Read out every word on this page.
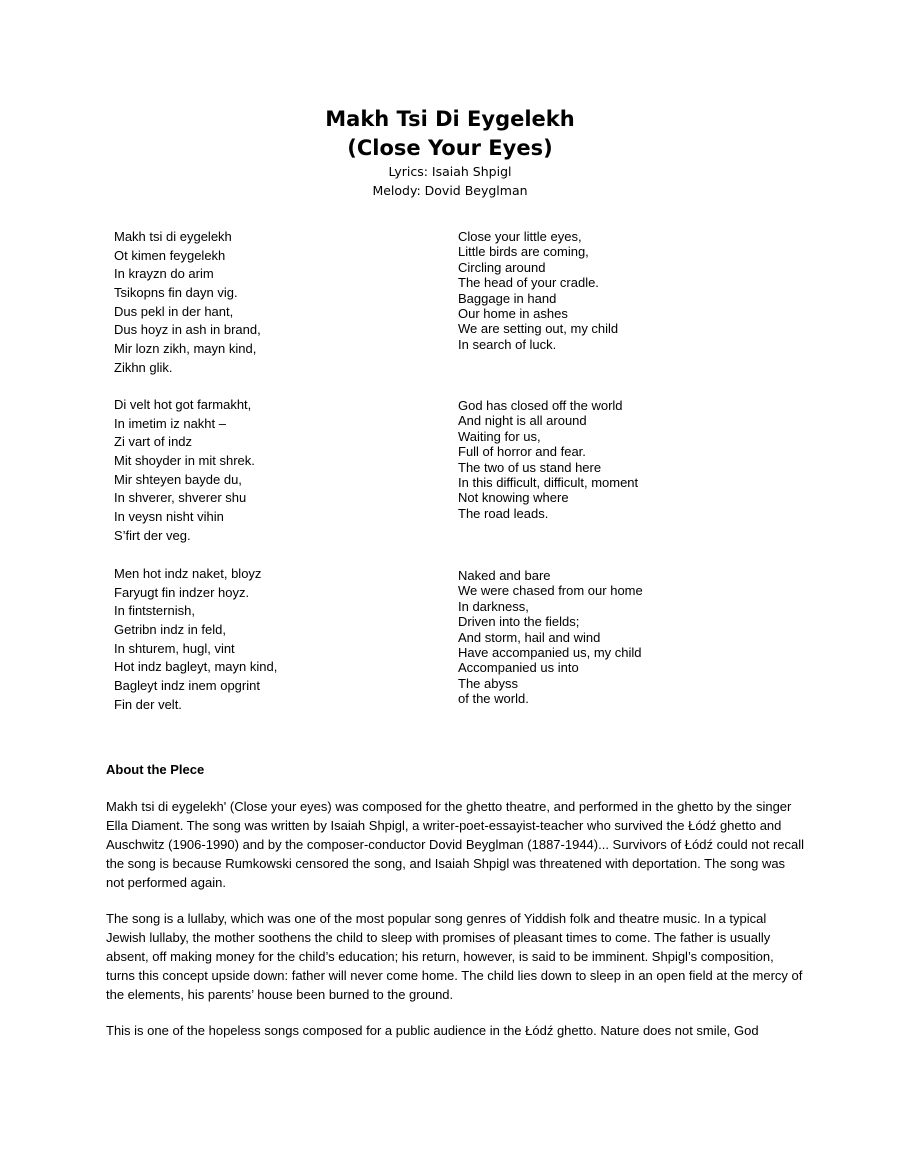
Makh Tsi Di Eygelekh
(Close Your Eyes)
Lyrics: Isaiah Shpigl
Melody: Dovid Beyglman
Makh tsi di eygelekh
Ot kimen feygelekh
In krayzn do arim
Tsikopns fin dayn vig.
Dus pekl in der hant,
Dus hoyz in ash in brand,
Mir lozn zikh, mayn kind,
Zikhn glik.
Di velt hot got farmakht,
In imetim iz nakht –
Zi vart of indz
Mit shoyder in mit shrek.
Mir shteyen bayde du,
In shverer, shverer shu
In veysn nisht vihin
S’firt der veg.
Men hot indz naket, bloyz
Faryugt fin indzer hoyz.
In fintsternish,
Getribn indz in feld,
In shturem, hugl, vint
Hot indz bagleyt, mayn kind,
Bagleyt indz inem opgrint
Fin der velt.
Close your little eyes,
Little birds are coming,
Circling around
The head of your cradle.
Baggage in hand
Our home in ashes
We are setting out, my child
In search of luck.
God has closed off the world
And night is all around
Waiting for us,
Full of horror and fear.
The two of us stand here
In this difficult, difficult, moment
Not knowing where
The road leads.
Naked and bare
We were chased from our home
In darkness,
Driven into the fields;
And storm, hail and wind
Have accompanied us, my child
Accompanied us into
The abyss
of the world.
About the Plece

Makh tsi di eygelekh' (Close your eyes) was composed for the ghetto theatre, and performed in the ghetto by the singer Ella Diament. The song was written by Isaiah Shpigl, a writer-poet-essayist-teacher who survived the Łódź ghetto and Auschwitz (1906-1990) and by the composer-conductor Dovid Beyglman (1887-1944)... Survivors of Łódź could not recall the song is because Rumkowski censored the song, and Isaiah Shpigl was threatened with deportation. The song was not performed again.

The song is a lullaby, which was one of the most popular song genres of Yiddish folk and theatre music. In a typical Jewish lullaby, the mother soothens the child to sleep with promises of pleasant times to come. The father is usually absent, off making money for the child’s education; his return, however, is said to be imminent. Shpigl’s composition, turns this concept upside down: father will never come home. The child lies down to sleep in an open field at the mercy of the elements, his parents’ house been burned to the ground.

This is one of the hopeless songs composed for a public audience in the Łódź ghetto. Nature does not smile, God
